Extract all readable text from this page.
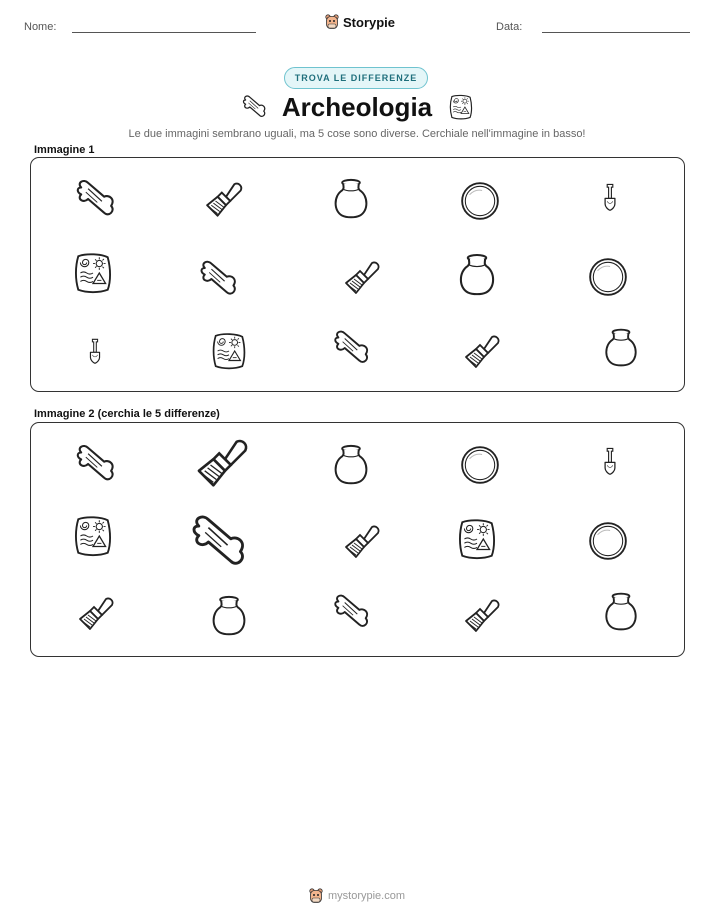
Nome:	Storypie	Data:
TROVA LE DIFFERENZE
Archeologia
Le due immagini sembrano uguali, ma 5 cose sono diverse. Cerchiale nell'immagine in basso!
Immagine 1
Immagine 2 (cerchia le 5 differenze)
mystorypie.com
